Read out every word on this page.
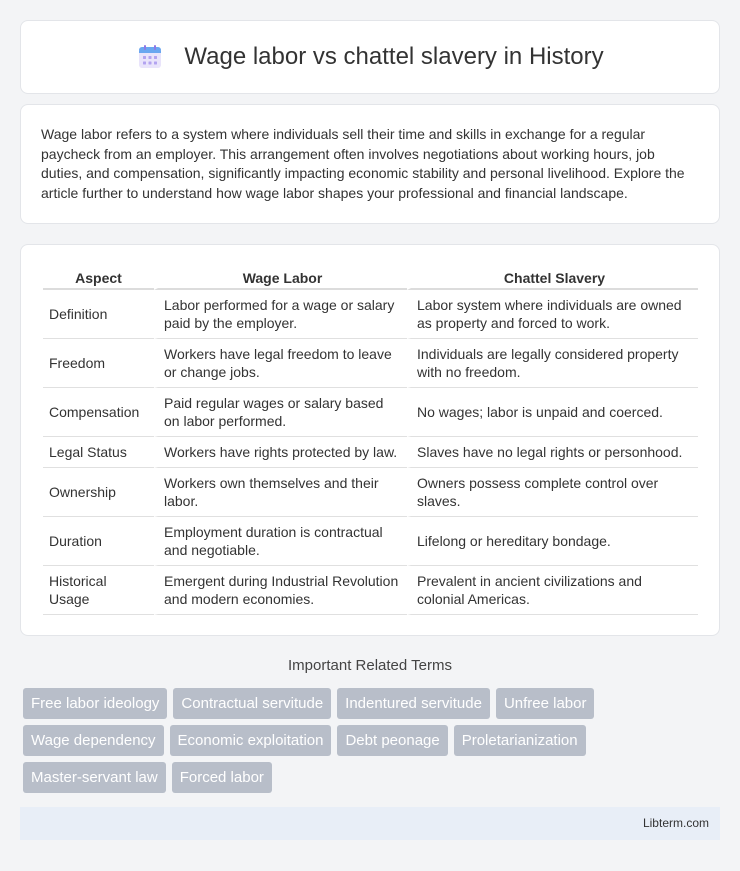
Wage labor vs chattel slavery in History

Wage labor refers to a system where individuals sell their time and skills in exchange for a regular paycheck from an employer. This arrangement often involves negotiations about working hours, job duties, and compensation, significantly impacting economic stability and personal livelihood. Explore the article further to understand how wage labor shapes your professional and financial landscape.

Aspect	Wage Labor	Chattel Slavery
Definition	Labor performed for a wage or salary paid by the employer.	Labor system where individuals are owned as property and forced to work.
Freedom	Workers have legal freedom to leave or change jobs.	Individuals are legally considered property with no freedom.
Compensation	Paid regular wages or salary based on labor performed.	No wages; labor is unpaid and coerced.
Legal Status	Workers have rights protected by law.	Slaves have no legal rights or personhood.
Ownership	Workers own themselves and their labor.	Owners possess complete control over slaves.
Duration	Employment duration is contractual and negotiable.	Lifelong or hereditary bondage.
Historical Usage	Emergent during Industrial Revolution and modern economies.	Prevalent in ancient civilizations and colonial Americas.
Important Related Terms
Free labor ideology	Contractual servitude	Indentured servitude	Unfree labor
Wage dependency	Economic exploitation	Debt peonage	Proletarianization
Master-servant law	Forced labor
Libterm.com
